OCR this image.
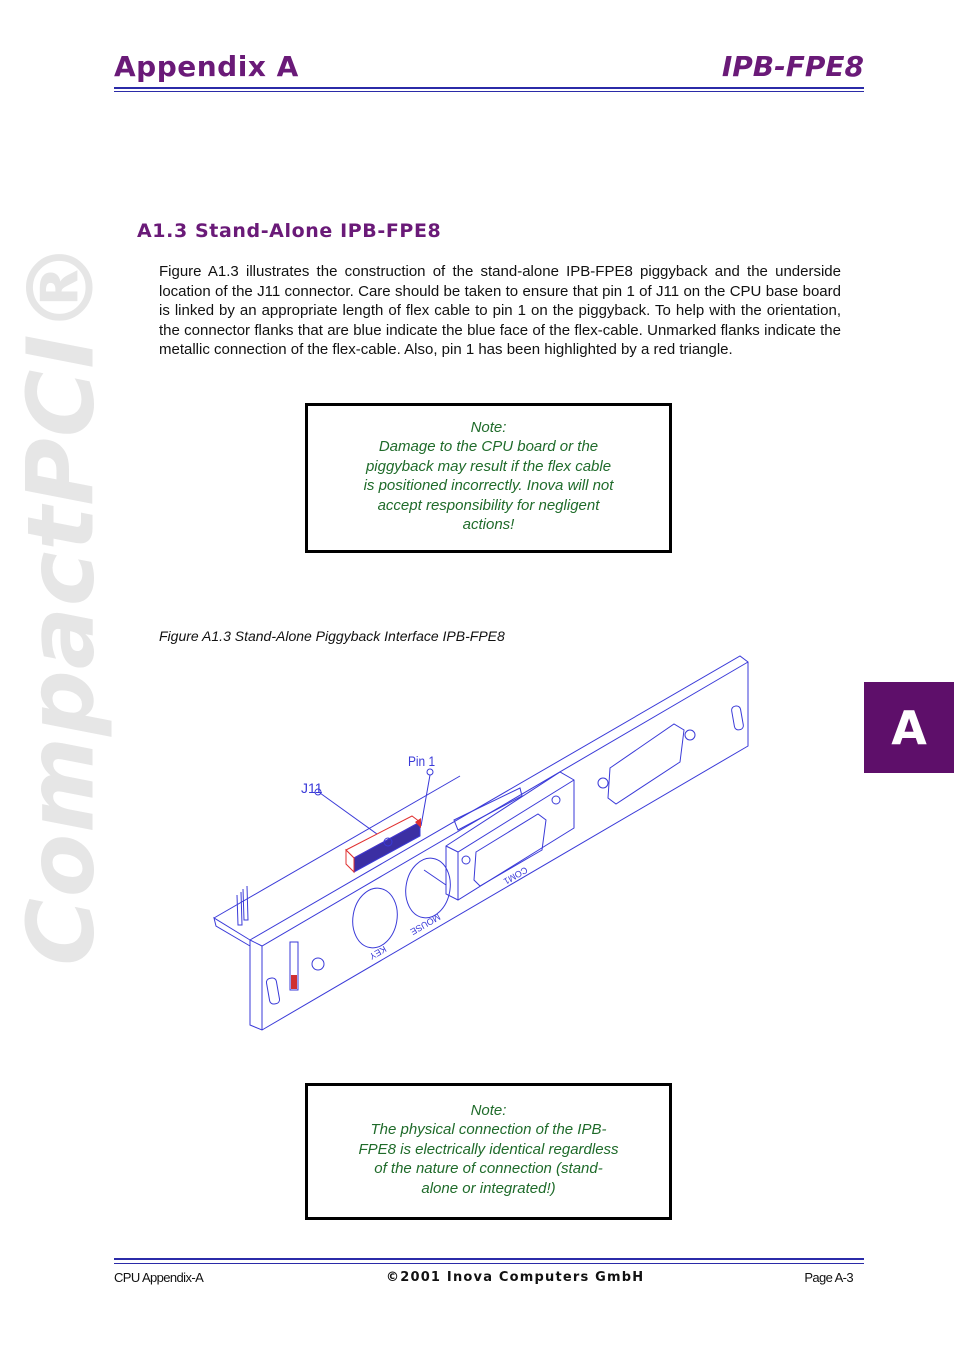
CompactPCI®
Appendix A	IPB-FPE8
A1.3 Stand-Alone IPB-FPE8
Figure A1.3 illustrates the construction of the stand-alone IPB-FPE8 piggyback and the underside location of the J11 connector. Care should be taken to ensure that pin 1 of J11 on the CPU base board is linked by an appropriate length of flex cable to pin 1 on the piggyback. To help with the orientation, the connector flanks that are blue indicate the blue face of the flex-cable. Unmarked flanks indicate the metallic connection of the flex-cable. Also, pin 1 has been highlighted by a red triangle.
Note:
Damage to the CPU board or the
piggyback may result if the flex cable
is positioned incorrectly. Inova will not
accept responsibility for negligent
actions!
Figure A1.3 Stand-Alone Piggyback Interface IPB-FPE8
Pin 1
J11
KEY
MOUSE
COM1
Note:
The physical connection of the IPB-
FPE8 is electrically identical regardless
of the nature of connection (stand-
alone or integrated!)
A
CPU Appendix-A	©2001 Inova Computers GmbH	Page A-3
